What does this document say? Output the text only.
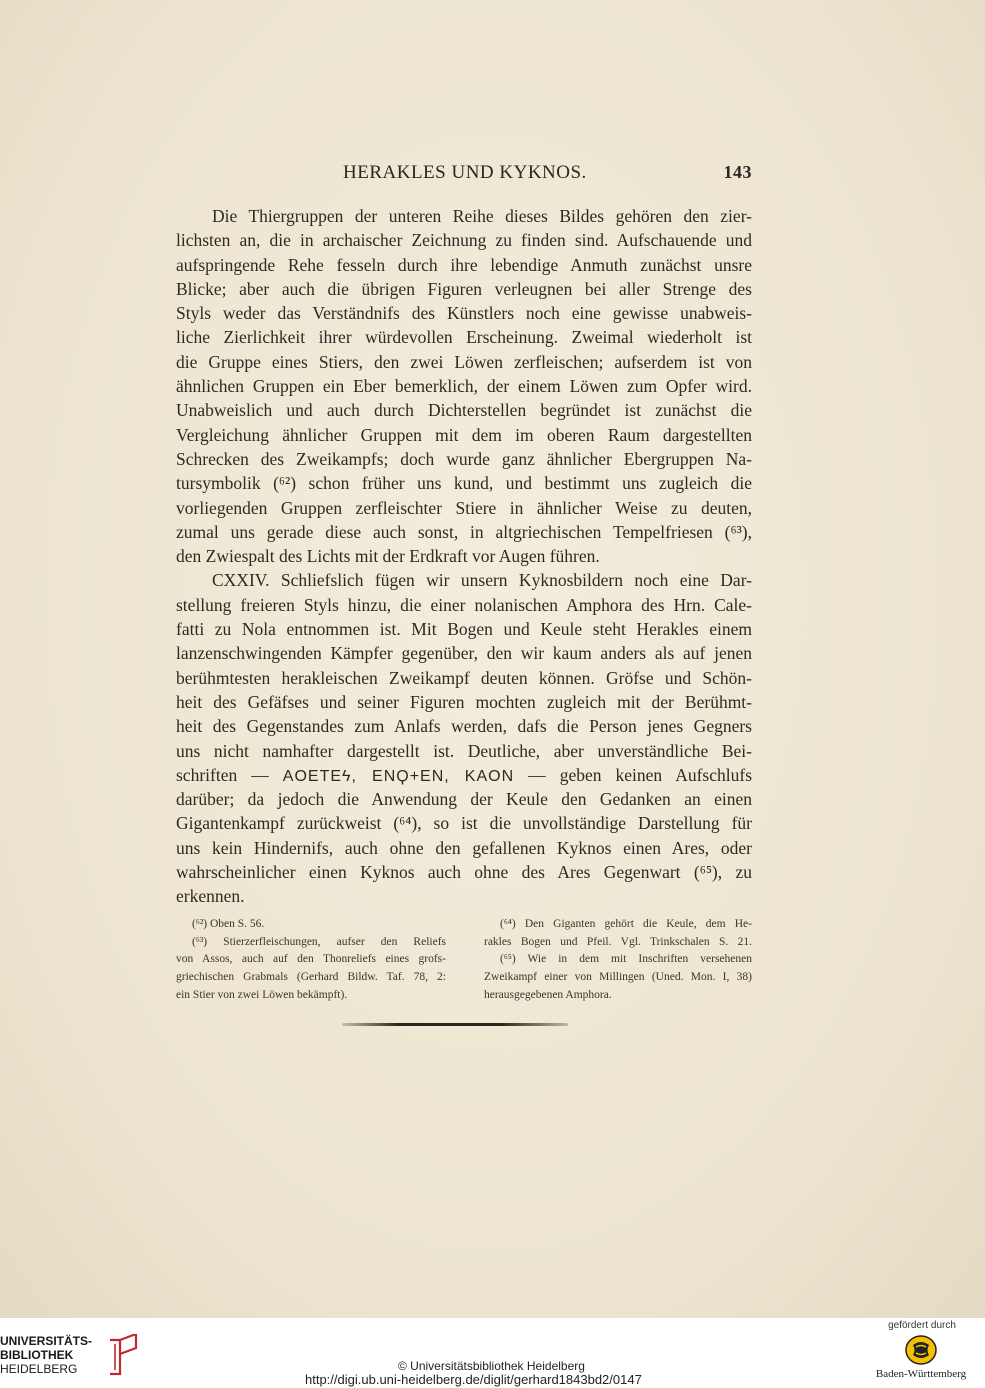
HERAKLES UND KYKNOS.	143
Die Thiergruppen der unteren Reihe dieses Bildes gehören den zier-
lichsten an, die in archaischer Zeichnung zu finden sind. Aufschauende und
aufspringende Rehe fesseln durch ihre lebendige Anmuth zunächst unsre
Blicke; aber auch die übrigen Figuren verleugnen bei aller Strenge des
Styls weder das Verständnifs des Künstlers noch eine gewisse unabweis-
liche Zierlichkeit ihrer würdevollen Erscheinung. Zweimal wiederholt ist
die Gruppe eines Stiers, den zwei Löwen zerfleischen; aufserdem ist von
ähnlichen Gruppen ein Eber bemerklich, der einem Löwen zum Opfer wird.
Unabweislich und auch durch Dichterstellen begründet ist zunächst die
Vergleichung ähnlicher Gruppen mit dem im oberen Raum dargestellten
Schrecken des Zweikampfs; doch wurde ganz ähnlicher Ebergruppen Na-
tursymbolik (⁶²) schon früher uns kund, und bestimmt uns zugleich die
vorliegenden Gruppen zerfleischter Stiere in ähnlicher Weise zu deuten,
zumal uns gerade diese auch sonst, in altgriechischen Tempelfriesen (⁶³),
den Zwiespalt des Lichts mit der Erdkraft vor Augen führen.
CXXIV. Schliefslich fügen wir unsern Kyknosbildern noch eine Dar-
stellung freieren Styls hinzu, die einer nolanischen Amphora des Hrn. Cale-
fatti zu Nola entnommen ist. Mit Bogen und Keule steht Herakles einem
lanzenschwingenden Kämpfer gegenüber, den wir kaum anders als auf jenen
berühmtesten herakleischen Zweikampf deuten können. Gröfse und Schön-
heit des Gefäfses und seiner Figuren mochten zugleich mit der Berühmt-
heit des Gegenstandes zum Anlafs werden, dafs die Person jenes Gegners
uns nicht namhafter dargestellt ist. Deutliche, aber unverständliche Bei-
schriften — AOETEϟ, ENϘ+EN, KAON — geben keinen Aufschlufs
darüber; da jedoch die Anwendung der Keule den Gedanken an einen
Gigantenkampf zurückweist (⁶⁴), so ist die unvollständige Darstellung für
uns kein Hindernifs, auch ohne den gefallenen Kyknos einen Ares, oder
wahrscheinlicher einen Kyknos auch ohne des Ares Gegenwart (⁶⁵), zu
erkennen.
(⁶²) Oben S. 56.
(⁶³) Stierzerfleischungen, aufser den Reliefs
von Assos, auch auf den Thonreliefs eines grofs-
griechischen Grabmals (Gerhard Bildw. Taf. 78, 2:
ein Stier von zwei Löwen bekämpft).
(⁶⁴) Den Giganten gehört die Keule, dem He-
rakles Bogen und Pfeil. Vgl. Trinkschalen S. 21.
(⁶⁵) Wie in dem mit Inschriften versehenen
Zweikampf einer von Millingen (Uned. Mon. I, 38)
herausgegebenen Amphora.
UNIVERSITÄTS-
BIBLIOTHEK
HEIDELBERG	© Universitätsbibliothek Heidelberg
http://digi.ub.uni-heidelberg.de/diglit/gerhard1843bd2/0147
gefördert durch
Baden-Württemberg
